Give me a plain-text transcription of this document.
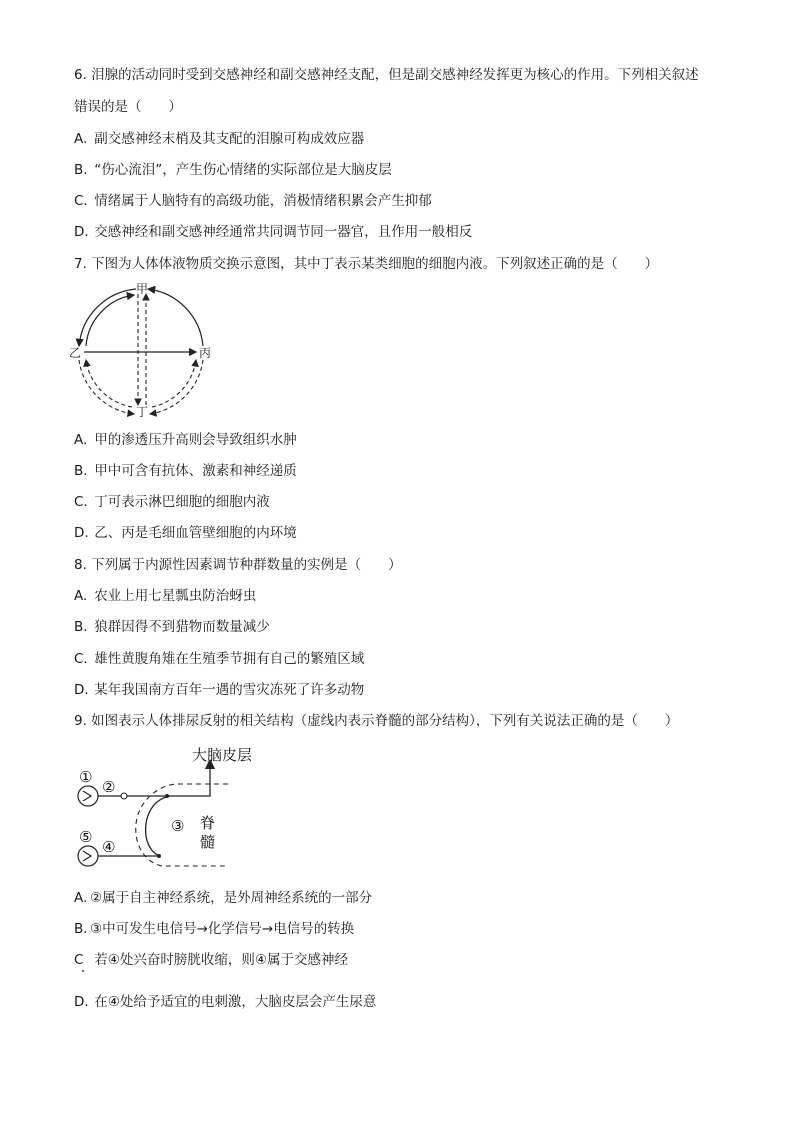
6. 泪腺的活动同时受到交感神经和副交感神经支配，但是副交感神经发挥更为核心的作用。下列相关叙述
错误的是（　　）
A. 副交感神经末梢及其支配的泪腺可构成效应器
B. “伤心流泪”，产生伤心情绪的实际部位是大脑皮层
C. 情绪属于人脑特有的高级功能，消极情绪积累会产生抑郁
D. 交感神经和副交感神经通常共同调节同一器官，且作用一般相反
7. 下图为人体体液物质交换示意图，其中丁表示某类细胞的细胞内液。下列叙述正确的是（　　）
甲
乙	丙
丁
A. 甲的渗透压升高则会导致组织水肿
B. 甲中可含有抗体、激素和神经递质
C. 丁可表示淋巴细胞的细胞内液
D. 乙、丙是毛细血管壁细胞的内环境
8. 下列属于内源性因素调节种群数量的实例是（　　）
A. 农业上用七星瓢虫防治蚜虫
B. 狼群因得不到猎物而数量减少
C. 雄性黄腹角雉在生殖季节拥有自己的繁殖区域
D. 某年我国南方百年一遇的雪灾冻死了许多动物
9. 如图表示人体排尿反射的相关结构（虚线内表示脊髓的部分结构），下列有关说法正确的是（　　）
大脑皮层
①
②
③
④
⑤
脊
髓
A. ②属于自主神经系统，是外周神经系统的一部分
B. ③中可发生电信号→化学信号→电信号的转换
C 若④处兴奋时膀胱收缩，则④属于交感神经
D. 在④处给予适宜的电刺激，大脑皮层会产生尿意
